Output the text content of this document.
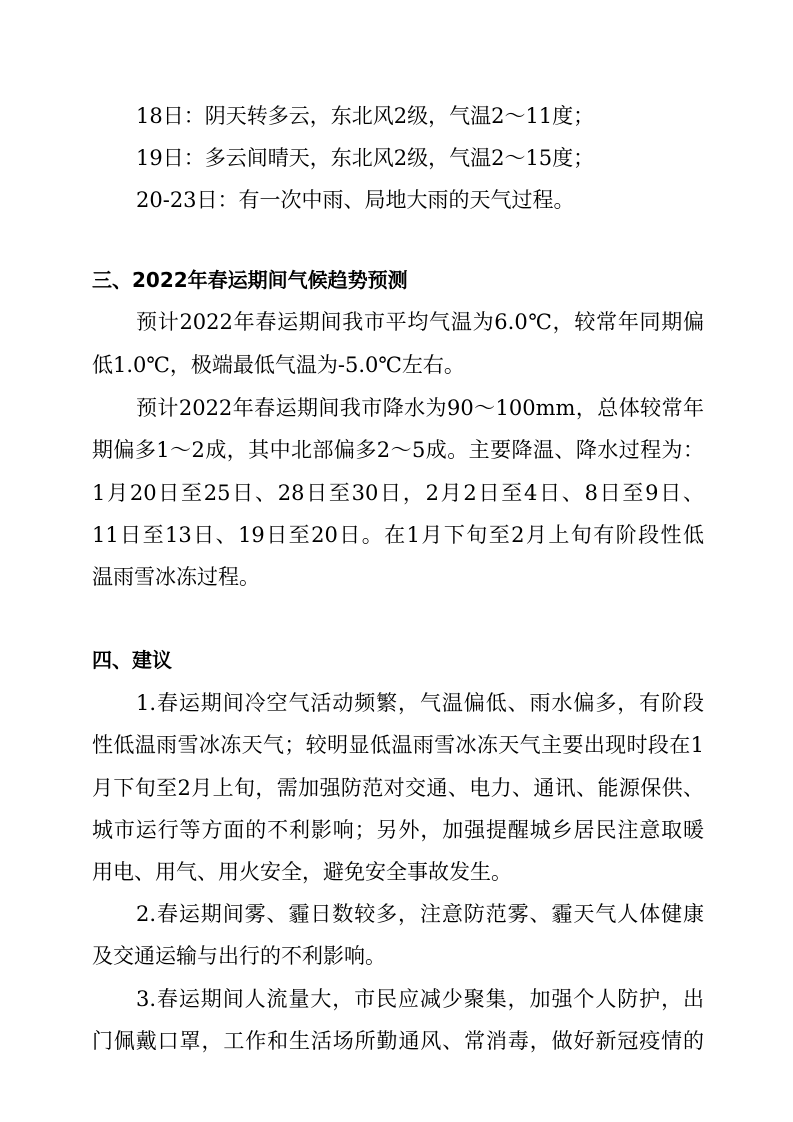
18日：阴天转多云，东北风2级，气温2～11度；
19日：多云间晴天，东北风2级，气温2～15度；
20-23日：有一次中雨、局地大雨的天气过程。
三、2022年春运期间气候趋势预测
预计2022年春运期间我市平均气温为6.0℃，较常年同期偏
低1.0℃，极端最低气温为-5.0℃左右。
预计2022年春运期间我市降水为90～100mm，总体较常年
期偏多1～2成，其中北部偏多2～5成。主要降温、降水过程为：
1月20日至25日、28日至30日，2月2日至4日、8日至9日、
11日至13日、19日至20日。在1月下旬至2月上旬有阶段性低
温雨雪冰冻过程。
四、建议
1.春运期间冷空气活动频繁，气温偏低、雨水偏多，有阶段
性低温雨雪冰冻天气；较明显低温雨雪冰冻天气主要出现时段在1
月下旬至2月上旬，需加强防范对交通、电力、通讯、能源保供、
城市运行等方面的不利影响；另外，加强提醒城乡居民注意取暖
用电、用气、用火安全，避免安全事故发生。
2.春运期间雾、霾日数较多，注意防范雾、霾天气人体健康
及交通运输与出行的不利影响。
3.春运期间人流量大，市民应减少聚集，加强个人防护，出
门佩戴口罩，工作和生活场所勤通风、常消毒，做好新冠疫情的
